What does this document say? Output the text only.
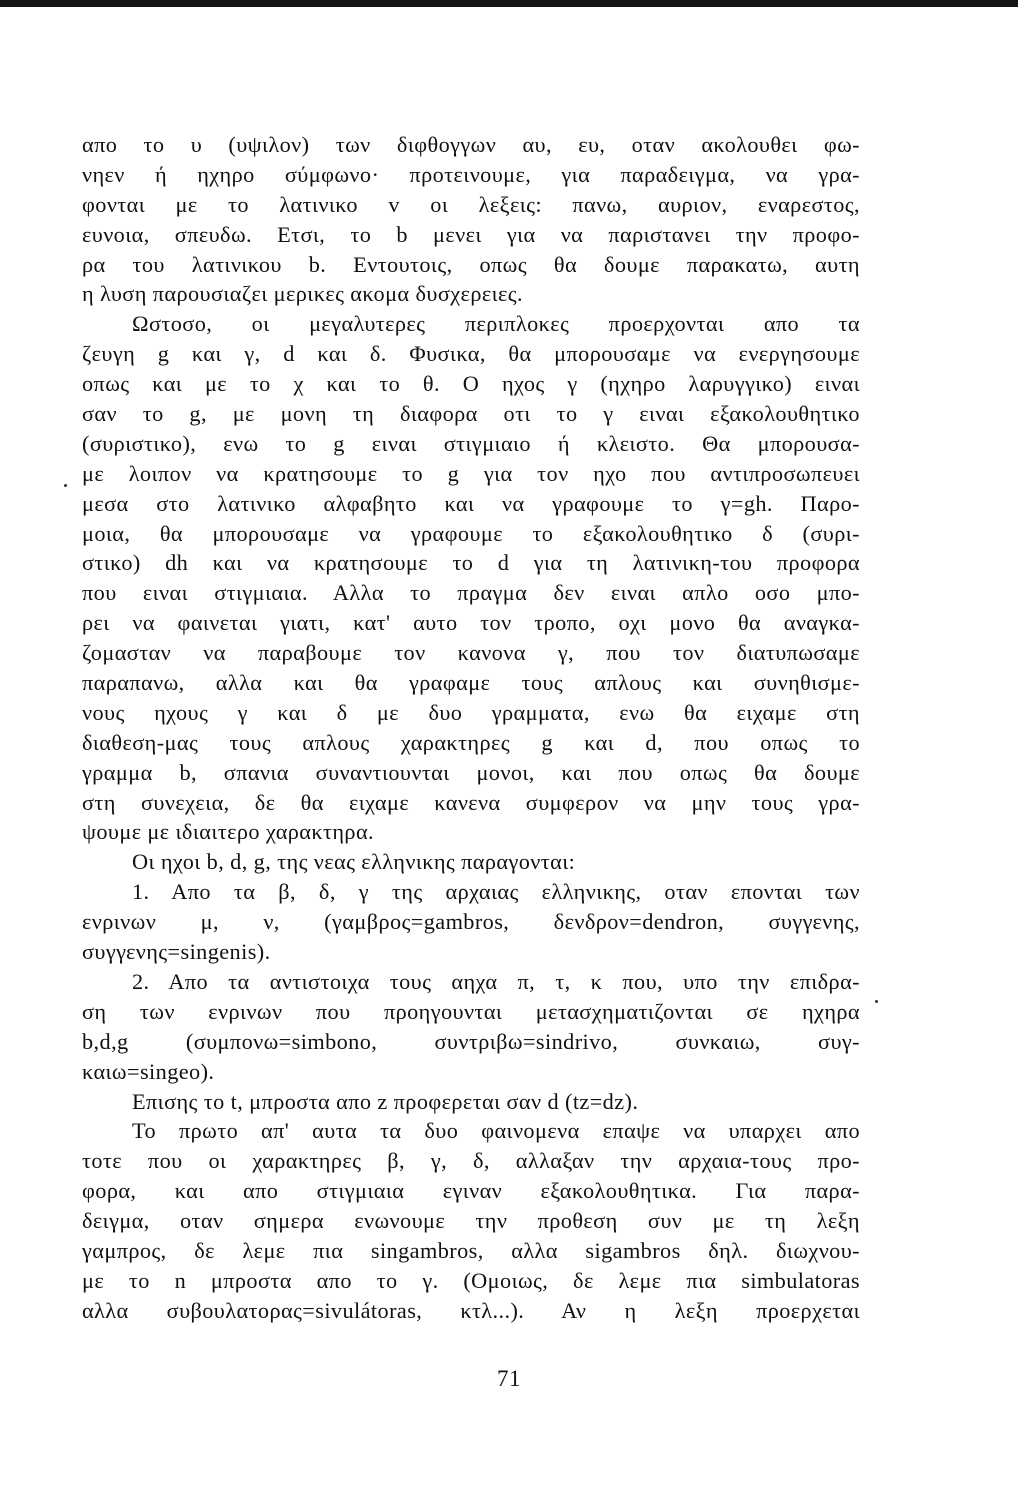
απο το υ (υψιλον) των διφθογγων αυ, ευ, οταν ακολουθει φω-
νηεν ή ηχηρο σύμφωνο· προτεινουμε, για παραδειγμα, να γρα-
φονται με το λατινικο v οι λεξεις: πανω, αυριον, εναρεστος,
ευνοια, σπευδω. Ετσι, το b μενει για να παριστανει την προφο-
ρα του λατινικου b. Εντουτοις, οπως θα δουμε παρακατω, αυτη
η λυση παρουσιαζει μερικες ακομα δυσχερειες.
Ωστοσο, οι μεγαλυτερες περιπλοκες προερχονται απο τα
ζευγη g και γ, d και δ. Φυσικα, θα μπορουσαμε να ενεργησουμε
οπως και με το χ και το θ. Ο ηχος γ (ηχηρο λαρυγγικο) ειναι
σαν το g, με μονη τη διαφορα οτι το γ ειναι εξακολουθητικο
(συριστικο), ενω το g ειναι στιγμιαιο ή κλειστο. Θα μπορουσα-
με λοιπον να κρατησουμε το g για τον ηχο που αντιπροσωπευει
μεσα στο λατινικο αλφαβητο και να γραφουμε το γ=gh. Παρο-
μοια, θα μπορουσαμε να γραφουμε το εξακολουθητικο δ (συρι-
στικο) dh και να κρατησουμε το d για τη λατινικη-του προφορα
που ειναι στιγμιαια. Αλλα το πραγμα δεν ειναι απλο οσο μπο-
ρει να φαινεται γιατι, κατ' αυτο τον τροπο, οχι μονο θα αναγκα-
ζομασταν να παραβουμε τον κανονα γ, που τον διατυπωσαμε
παραπανω, αλλα και θα γραφαμε τους απλους και συνηθισμε-
νους ηχους γ και δ με δυο γραμματα, ενω θα ειχαμε στη
διαθεση-μας τους απλους χαρακτηρες g και d, που οπως το
γραμμα b, σπανια συναντιουνται μονοι, και που οπως θα δουμε
στη συνεχεια, δε θα ειχαμε κανενα συμφερον να μην τους γρα-
ψουμε με ιδιαιτερο χαρακτηρα.
Οι ηχοι b, d, g, της νεας ελληνικης παραγονται:
1. Απο τα β, δ, γ της αρχαιας ελληνικης, οταν επονται των
ενρινων μ, ν, (γαμβρος=gambros, δενδρον=dendron, συγγενης,
συγγενης=singenis).
2. Απο τα αντιστοιχα τους αηχα π, τ, κ που, υπο την επιδρα-
ση των ενρινων που προηγουνται μετασχηματιζονται σε ηχηρα
b,d,g (συμπονω=simbono, συντριβω=sindrivo, συνκαιω, συγ-
καιω=singeo).
Επισης το t, μπροστα απο z προφερεται σαν d (tz=dz).
Το πρωτο απ' αυτα τα δυο φαινομενα επαψε να υπαρχει απο
τοτε που οι χαρακτηρες β, γ, δ, αλλαξαν την αρχαια-τους προ-
φορα, και απο στιγμιαια εγιναν εξακολουθητικα. Για παρα-
δειγμα, οταν σημερα ενωνουμε την προθεση συν με τη λεξη
γαμπρος, δε λεμε πια singambros, αλλα sigambros δηλ. διωχνου-
με το n μπροστα απο το γ. (Ομοιως, δε λεμε πια simbulatoras
αλλα συβουλατορας=sivulátoras, κτλ...). Αν η λεξη προερχεται
71
